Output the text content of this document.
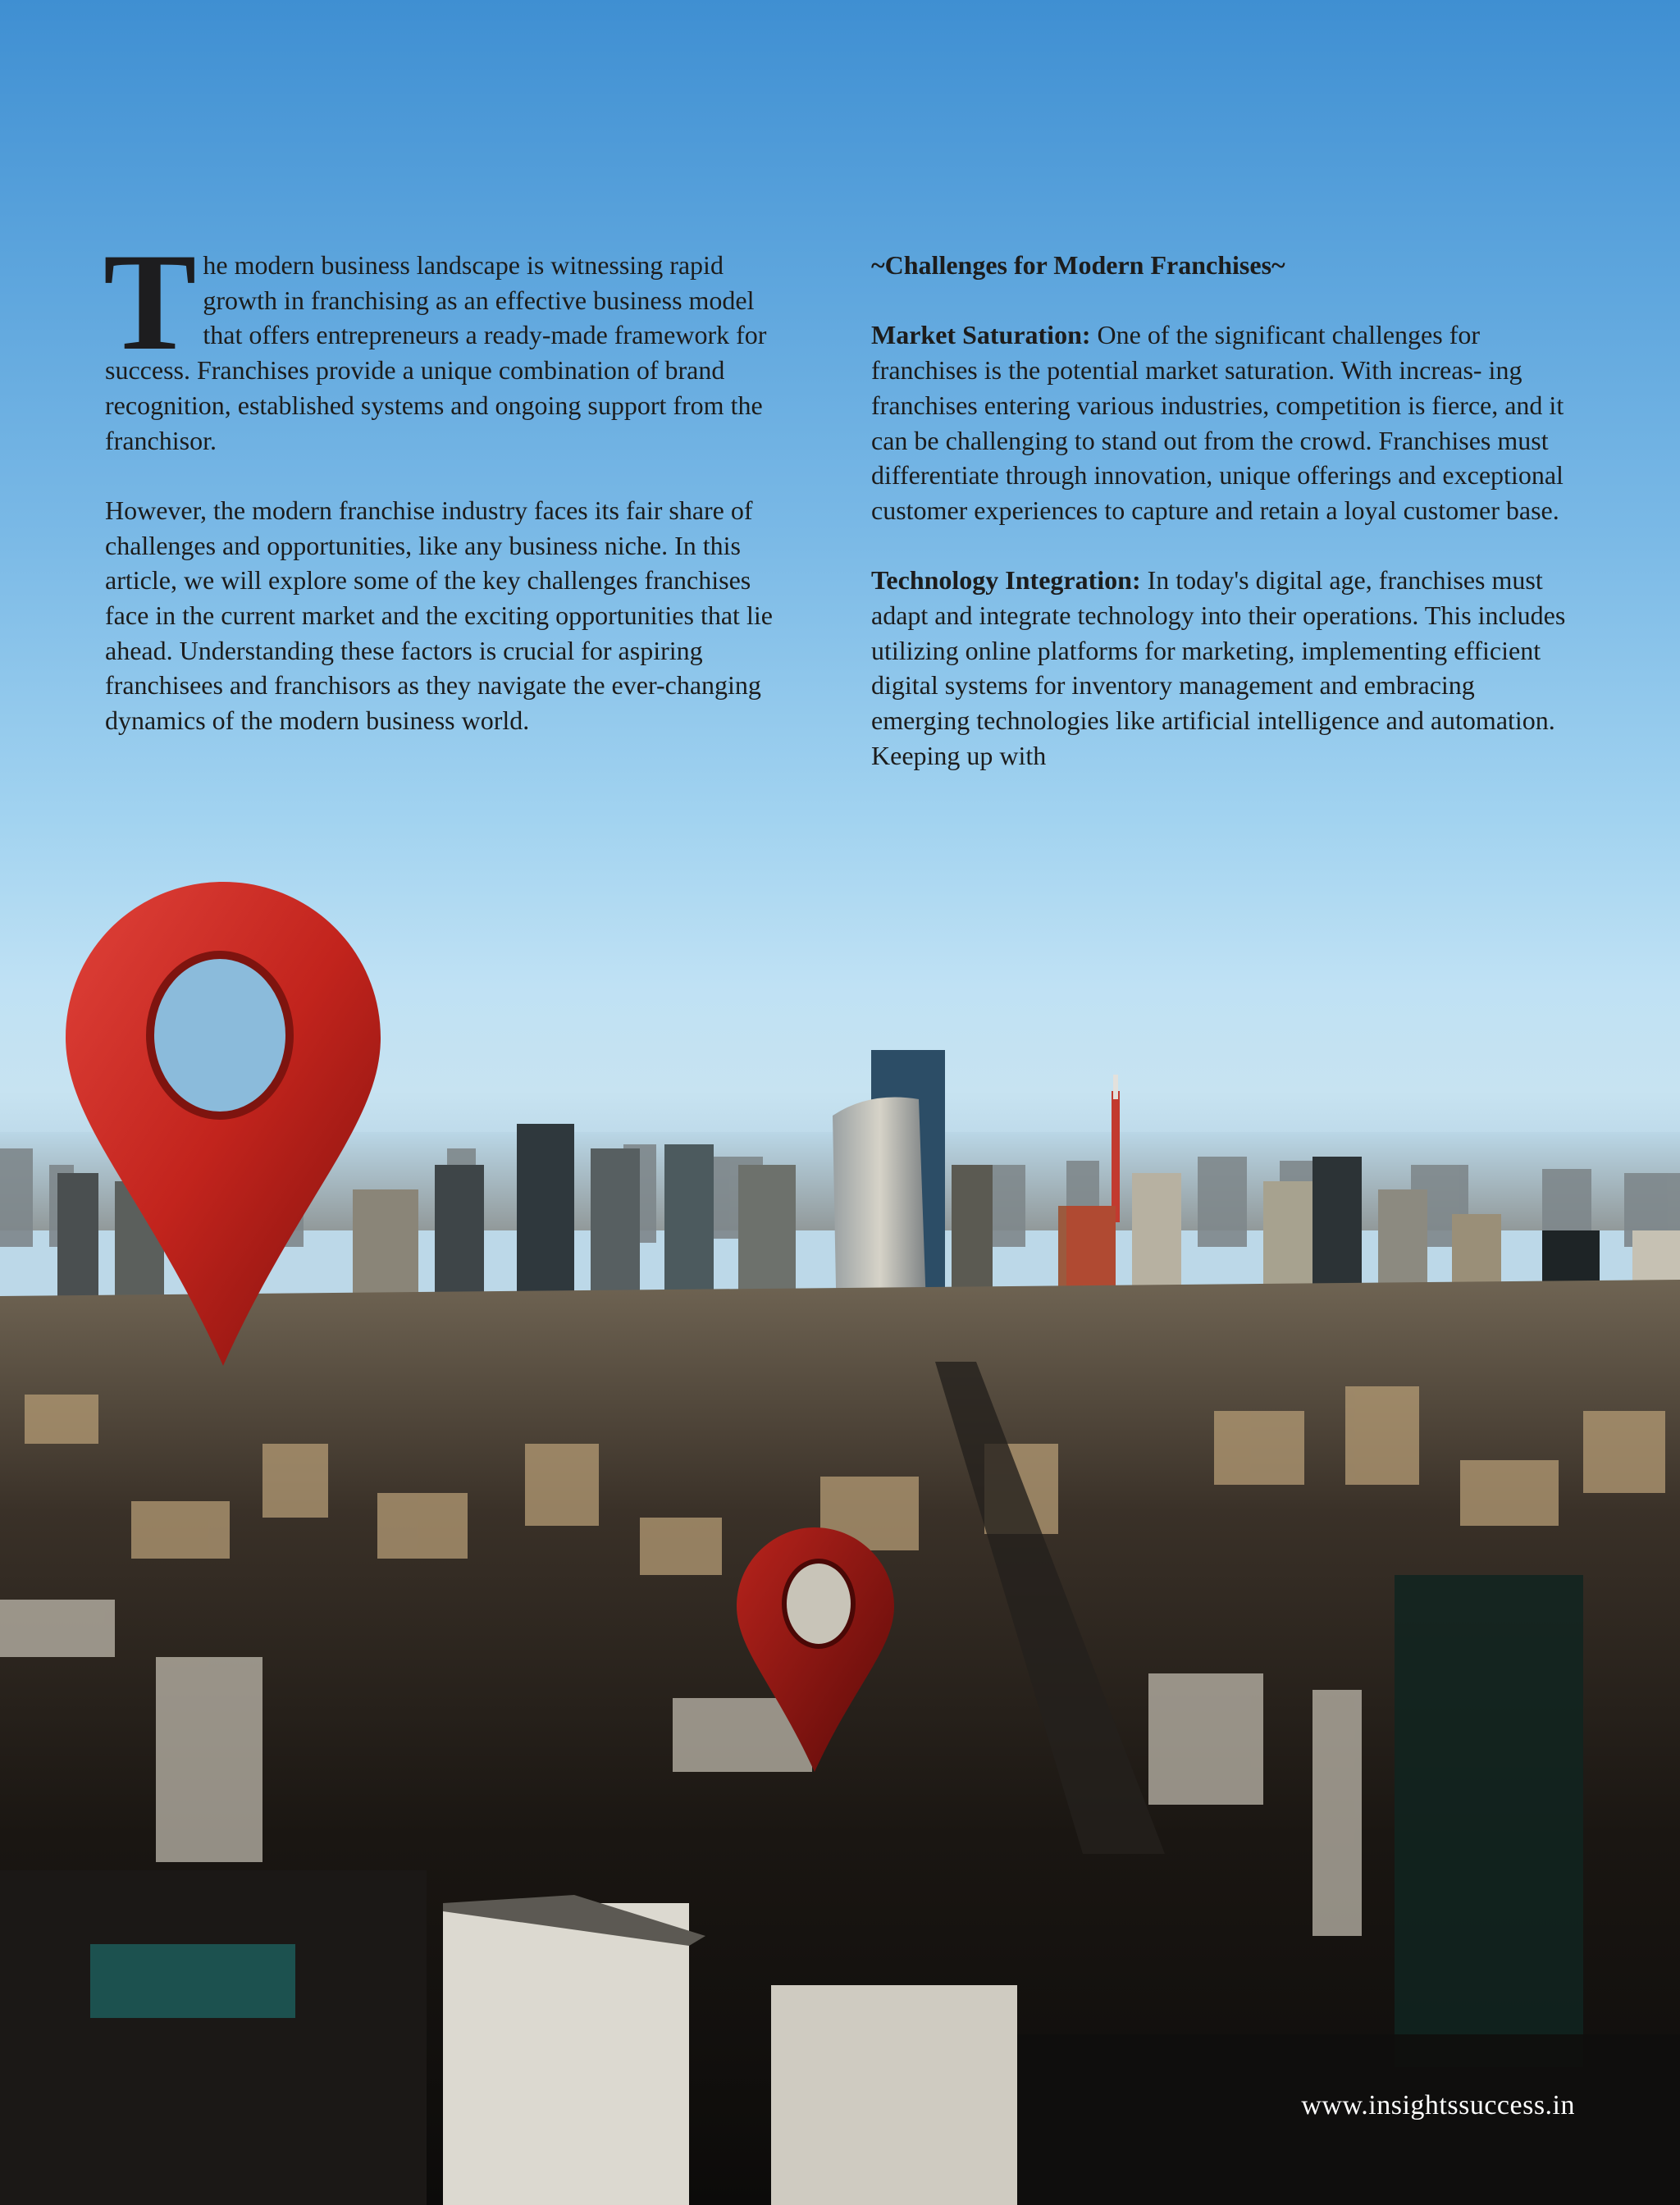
The modern business landscape is witnessing rapid growth in franchising as an effective business model that offers entrepreneurs a ready-made framework for success. Franchises provide a unique combination of brand recognition, established systems and ongoing support from the franchisor.

However, the modern franchise industry faces its fair share of challenges and opportunities, like any business niche. In this article, we will explore some of the key challenges franchises face in the current market and the exciting opportunities that lie ahead. Understanding these factors is crucial for aspiring franchisees and franchisors as they navigate the ever-changing dynamics of the modern business world.

~Challenges for Modern Franchises~

Market Saturation: One of the significant challenges for franchises is the potential market saturation. With increas- ing franchises entering various industries, competition is fierce, and it can be challenging to stand out from the crowd. Franchises must differentiate through innovation, unique offerings and exceptional customer experiences to capture and retain a loyal customer base.

Technology Integration: In today's digital age, franchises must adapt and integrate technology into their operations. This includes utilizing online platforms for marketing, implementing efficient digital systems for inventory management and embracing emerging technologies like artificial intelligence and automation. Keeping up with

www.insightssuccess.in
